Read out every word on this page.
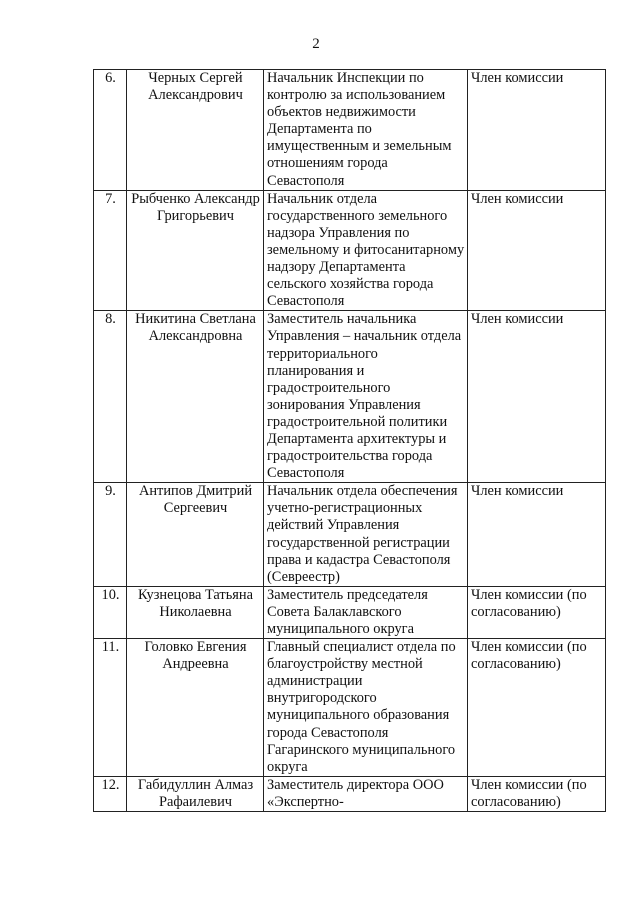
2
6.	Черных Сергей Александрович	Начальник Инспекции по контролю за использованием объектов недвижимости Департамента по имущественным и земельным отношениям города Севастополя	Член комиссии
7.	Рыбченко Александр Григорьевич	Начальник отдела государственного земельного надзора Управления по земельному и фитосанитарному надзору Департамента сельского хозяйства города Севастополя	Член комиссии
8.	Никитина Светлана Александровна	Заместитель начальника Управления – начальник отдела территориального планирования и градостроительного зонирования Управления градостроительной политики Департамента архитектуры и градостроительства города Севастополя	Член комиссии
9.	Антипов Дмитрий Сергеевич	Начальник отдела обеспечения учетно-регистрационных действий Управления государственной регистрации права и кадастра Севастополя (Севреестр)	Член комиссии
10.	Кузнецова Татьяна Николаевна	Заместитель председателя Совета Балаклавского муниципального округа	Член комиссии (по согласованию)
11.	Головко Евгения Андреевна	Главный специалист отдела по благоустройству местной администрации внутригородского муниципального образования города Севастополя Гагаринского муниципального округа	Член комиссии (по согласованию)
12.	Габидуллин Алмаз Рафаилевич	Заместитель директора ООО «Экспертно-	Член комиссии (по согласованию)
